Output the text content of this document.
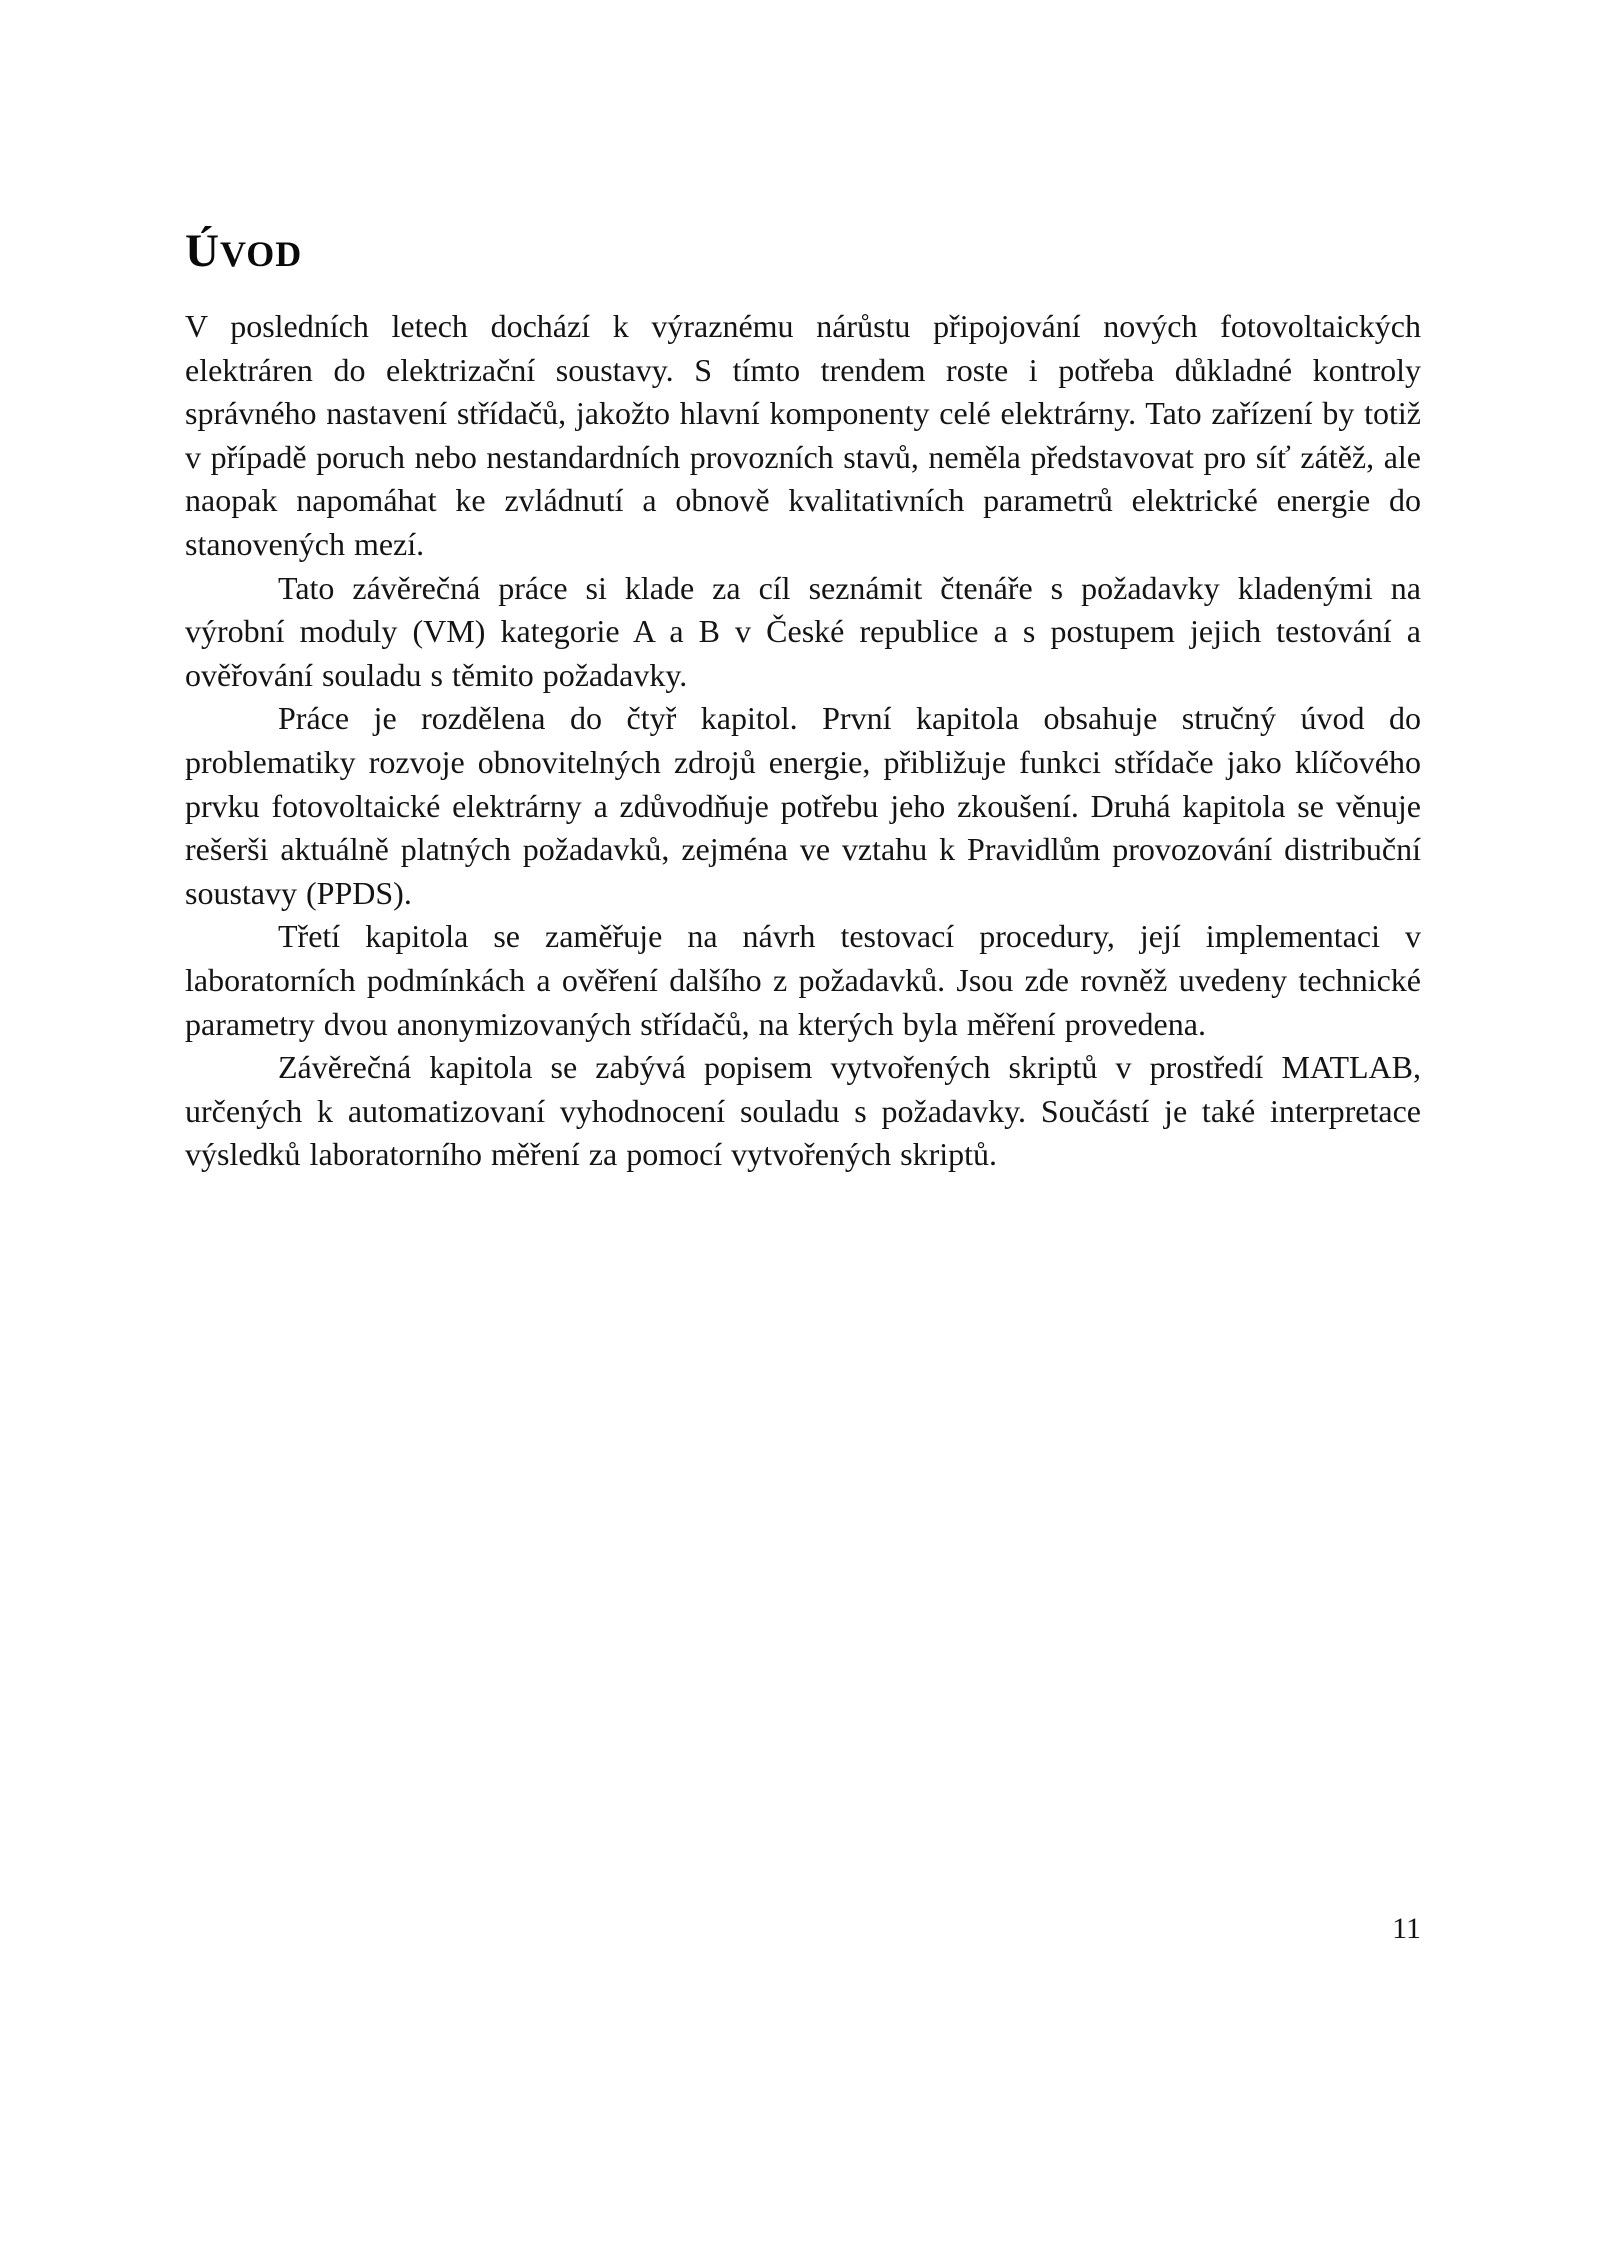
ÚVOD

V posledních letech dochází k výraznému nárůstu připojování nových fotovoltaických elektráren do elektrizační soustavy. S tímto trendem roste i potřeba důkladné kontroly správného nastavení střídačů, jakožto hlavní komponenty celé elektrárny. Tato zařízení by totiž v případě poruch nebo nestandardních provozních stavů, neměla představovat pro síť zátěž, ale naopak napomáhat ke zvládnutí a obnově kvalitativních parametrů elektrické energie do stanovených mezí.

Tato závěrečná práce si klade za cíl seznámit čtenáře s požadavky kladenými na výrobní moduly (VM) kategorie A a B v České republice a s postupem jejich testování a ověřování souladu s těmito požadavky.

Práce je rozdělena do čtyř kapitol. První kapitola obsahuje stručný úvod do problematiky rozvoje obnovitelných zdrojů energie, přibližuje funkci střídače jako klíčového prvku fotovoltaické elektrárny a zdůvodňuje potřebu jeho zkoušení. Druhá kapitola se věnuje rešerši aktuálně platných požadavků, zejména ve vztahu k Pravidlům provozování distribuční soustavy (PPDS).

Třetí kapitola se zaměřuje na návrh testovací procedury, její implementaci v laboratorních podmínkách a ověření dalšího z požadavků. Jsou zde rovněž uvedeny technické parametry dvou anonymizovaných střídačů, na kterých byla měření provedena.

Závěrečná kapitola se zabývá popisem vytvořených skriptů v prostředí MATLAB, určených k automatizovaní vyhodnocení souladu s požadavky. Součástí je také interpretace výsledků laboratorního měření za pomocí vytvořených skriptů.

11
